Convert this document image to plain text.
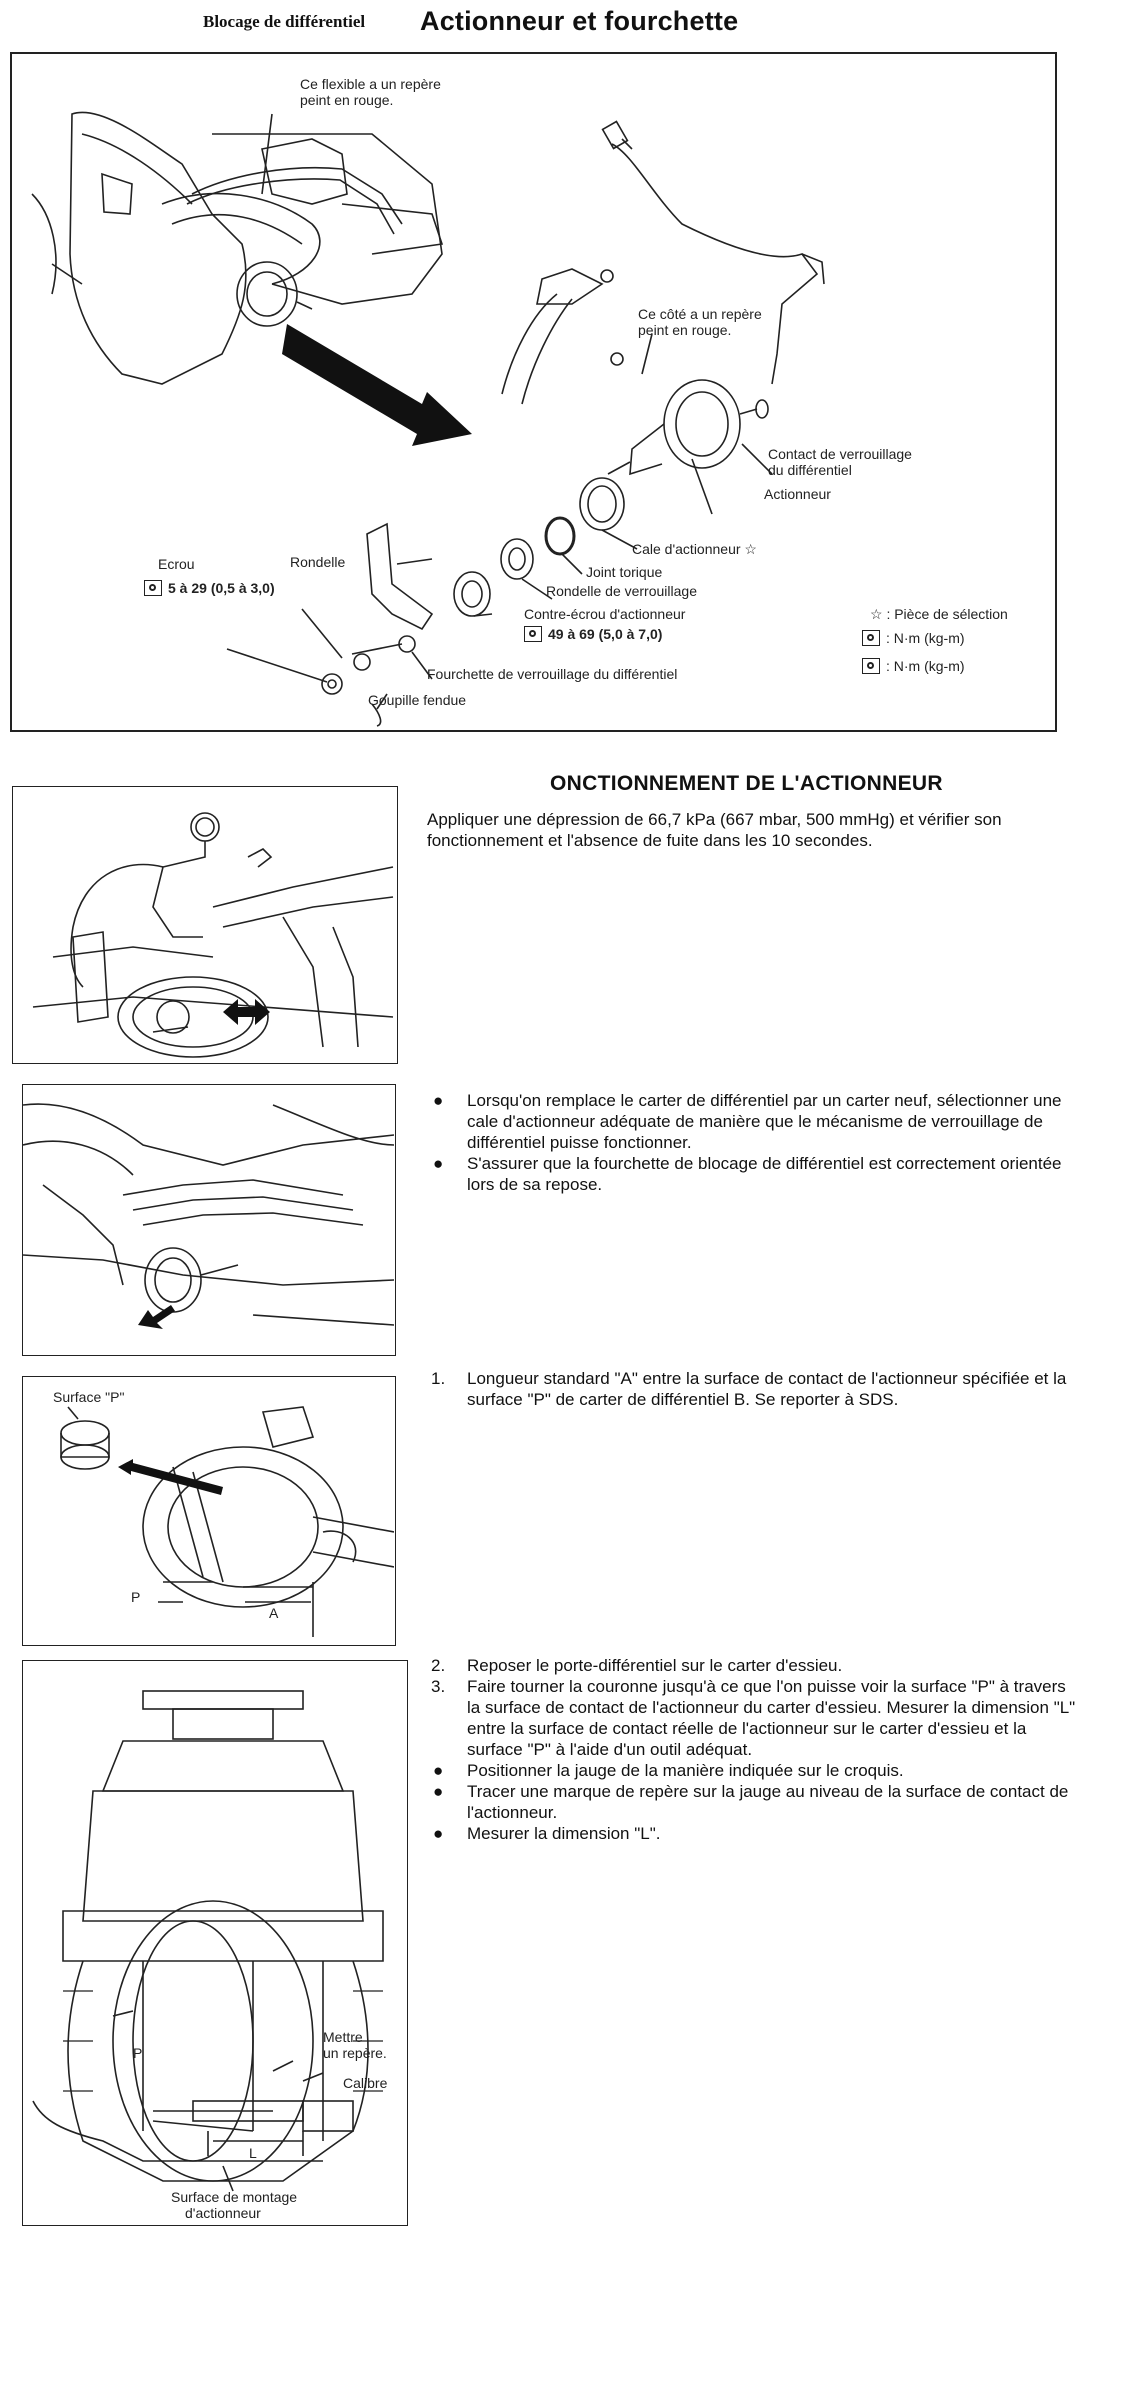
Blocage de différentiel Actionneur et fourchette
Ce flexible a un repère
peint en rouge.
Ce côté a un repère
peint en rouge.
Contact de verrouillage
du différentiel
Actionneur
Cale d'actionneur ☆
Joint torique
Rondelle de verrouillage
Contre-écrou d'actionneur
49 à 69 (5,0 à 7,0)
Ecrou
5 à 29 (0,5 à 3,0)
Rondelle
Fourchette de verrouillage du différentiel
Goupille fendue
☆ : Pièce de sélection
: N·m (kg-m)
: N·m (kg-m)
ONCTIONNEMENT DE L'ACTIONNEUR
Appliquer une dépression de 66,7 kPa (667 mbar, 500 mmHg) et vérifier son fonctionnement et l'absence de fuite dans les 10 secondes.
● Lorsqu'on remplace le carter de différentiel par un carter neuf, sélectionner une cale d'actionneur adéquate de manière que le mécanisme de verrouillage de différentiel puisse fonctionner.
● S'assurer que la fourchette de blocage de différentiel est correctement orientée lors de sa repose.
Surface "P"
P
A
1. Longueur standard "A" entre la surface de contact de l'actionneur spécifiée et la surface "P" de carter de différentiel B. Se reporter à SDS.
Mettre
un repère.
Calibre
P
L
Surface de montage
d'actionneur
2. Reposer le porte-différentiel sur le carter d'essieu.
3. Faire tourner la couronne jusqu'à ce que l'on puisse voir la surface "P" à travers la surface de contact de l'actionneur du carter d'essieu. Mesurer la dimension "L" entre la surface de contact réelle de l'actionneur sur le carter d'essieu et la surface "P" à l'aide d'un outil adéquat.
● Positionner la jauge de la manière indiquée sur le croquis.
● Tracer une marque de repère sur la jauge au niveau de la surface de contact de l'actionneur.
● Mesurer la dimension "L".
